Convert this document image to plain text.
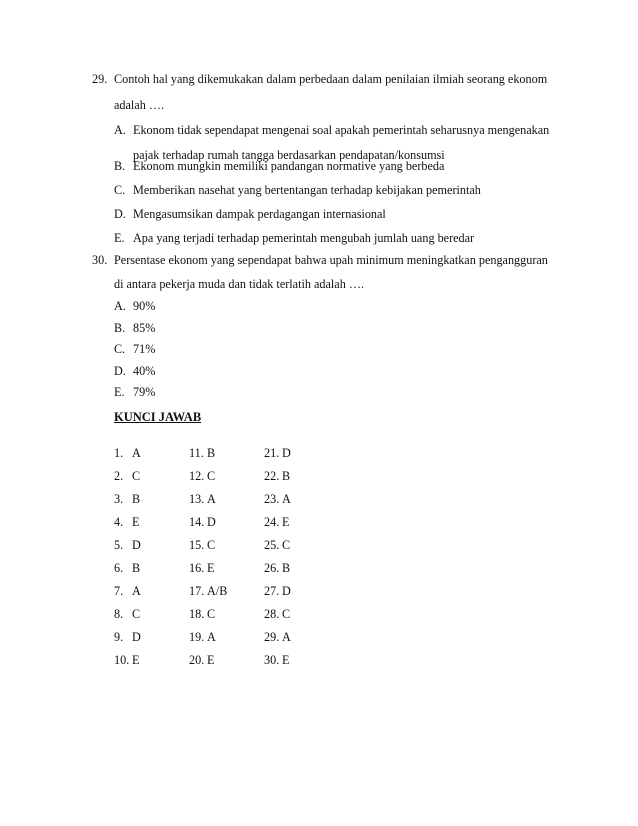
29. Contoh hal yang dikemukakan dalam perbedaan dalam penilaian ilmiah seorang ekonom
adalah ….
A. Ekonom tidak sependapat mengenai soal apakah pemerintah seharusnya mengenakan
pajak terhadap rumah tangga berdasarkan pendapatan/konsumsi
B. Ekonom mungkin memiliki pandangan normative yang berbeda
C. Memberikan nasehat yang bertentangan terhadap kebijakan pemerintah
D. Mengasumsikan dampak perdagangan internasional
E. Apa yang terjadi terhadap pemerintah mengubah jumlah uang beredar
30. Persentase ekonom yang sependapat bahwa upah minimum meningkatkan pengangguran
di antara pekerja muda dan tidak terlatih adalah ….
A. 90%
B. 85%
C. 71%
D. 40%
E. 79%
KUNCI JAWAB
1. A
2. C
3. B
4. E
5. D
6. B
7. A
8. C
9. D
10. E
11. B
12. C
13. A
14. D
15. C
16. E
17. A/B
18. C
19. A
20. E
21. D
22. B
23. A
24. E
25. C
26. B
27. D
28. C
29. A
30. E
